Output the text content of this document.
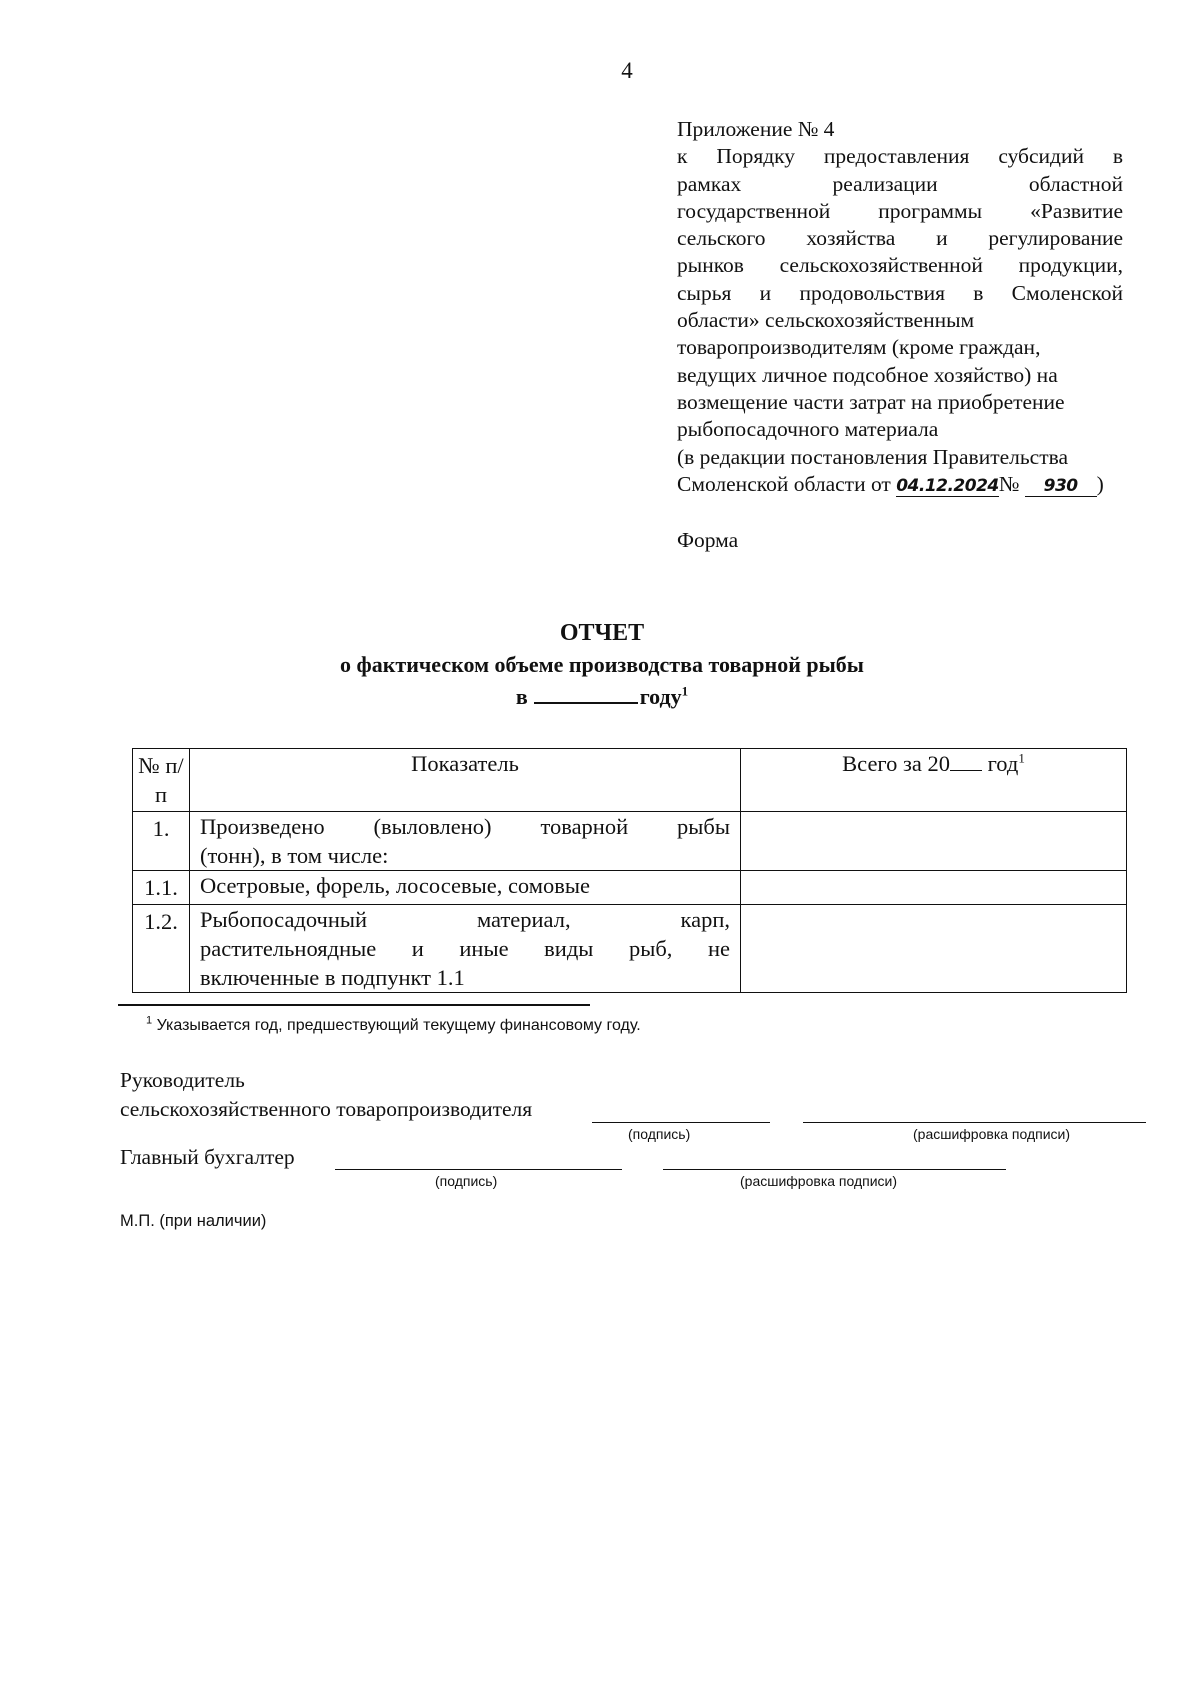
4
Приложение № 4
к Порядку предоставления субсидий в
рамках реализации областной
государственной программы «Развитие
сельского хозяйства и регулирование
рынков сельскохозяйственной продукции,
сырья и продовольствия в Смоленской
области» сельскохозяйственным
товаропроизводителям (кроме граждан,
ведущих личное подсобное хозяйство) на
возмещение части затрат на приобретение
рыбопосадочного материала
(в редакции постановления Правительства
Смоленской области от 04.12.2024№ 930 )
Форма
ОТЧЕТ
о фактическом объеме производства товарной рыбы
в	году$^1$
№ п/п	Показатель	Всего за 20 год$^1$
1.	Произведено (выловлено) товарной рыбы
(тонн), в том числе:	

1.1.	Осетровые, форель, лососевые, сомовые	

1.2.	Рыбопосадочный материал, карп,
растительноядные и иные виды рыб, не
включенные в подпункт 1.1	

$^1$ Указывается год, предшествующий текущему финансовому году.
Руководитель
сельскохозяйственного товаропроизводителя
(подпись)	(расшифровка подписи)
Главный бухгалтер
(подпись)	(расшифровка подписи)
М.П. (при наличии)
